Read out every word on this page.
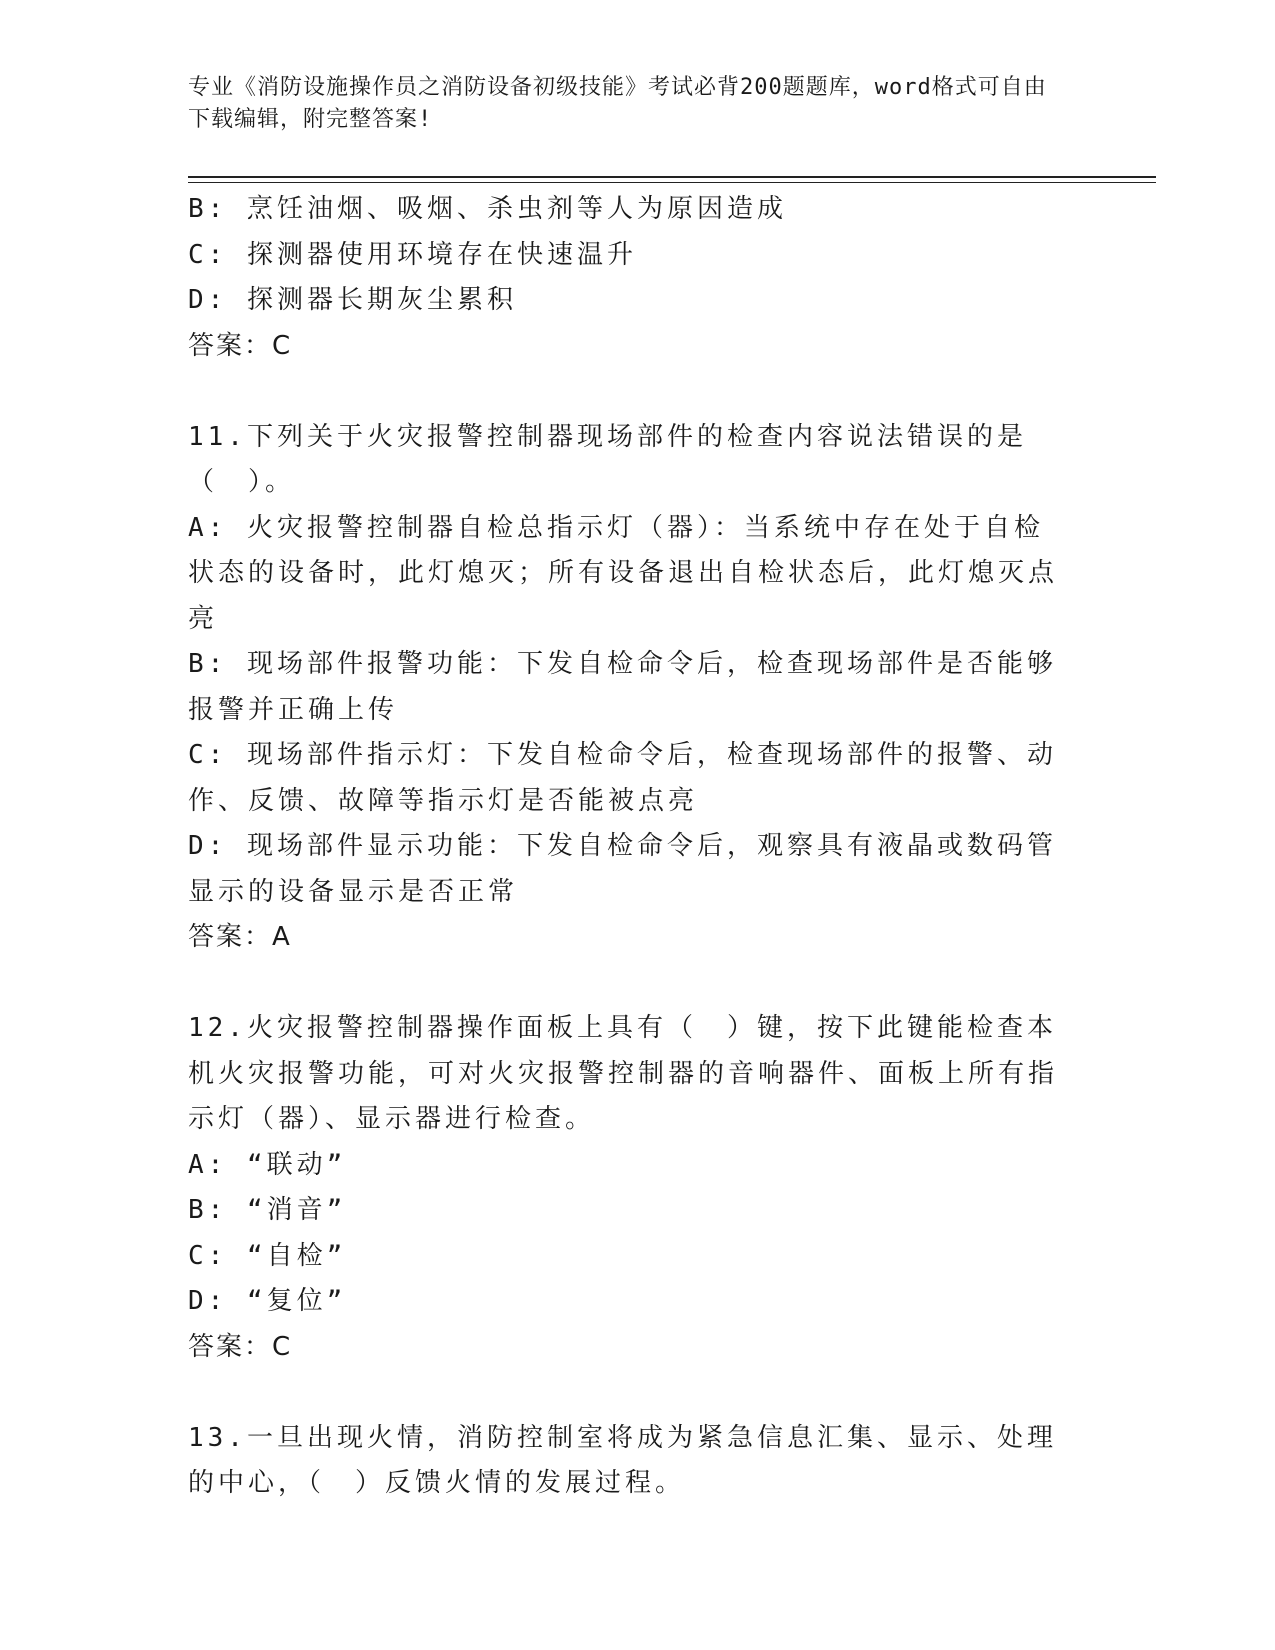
专业《消防设施操作员之消防设备初级技能》考试必背200题题库，word格式可自由下载编辑，附完整答案!
B: 烹饪油烟、吸烟、杀虫剂等人为原因造成
C: 探测器使用环境存在快速温升
D: 探测器长期灰尘累积
答案：C
11.下列关于火灾报警控制器现场部件的检查内容说法错误的是（　）。
A: 火灾报警控制器自检总指示灯（器）：当系统中存在处于自检状态的设备时，此灯熄灭；所有设备退出自检状态后，此灯熄灭点亮
B: 现场部件报警功能：下发自检命令后，检查现场部件是否能够报警并正确上传
C: 现场部件指示灯：下发自检命令后，检查现场部件的报警、动作、反馈、故障等指示灯是否能被点亮
D: 现场部件显示功能：下发自检命令后，观察具有液晶或数码管显示的设备显示是否正常
答案：A
12.火灾报警控制器操作面板上具有（　）键，按下此键能检查本机火灾报警功能，可对火灾报警控制器的音响器件、面板上所有指示灯（器）、显示器进行检查。
A: “联动”
B: “消音”
C: “自检”
D: “复位”
答案：C
13.一旦出现火情，消防控制室将成为紧急信息汇集、显示、处理的中心，（　）反馈火情的发展过程。
